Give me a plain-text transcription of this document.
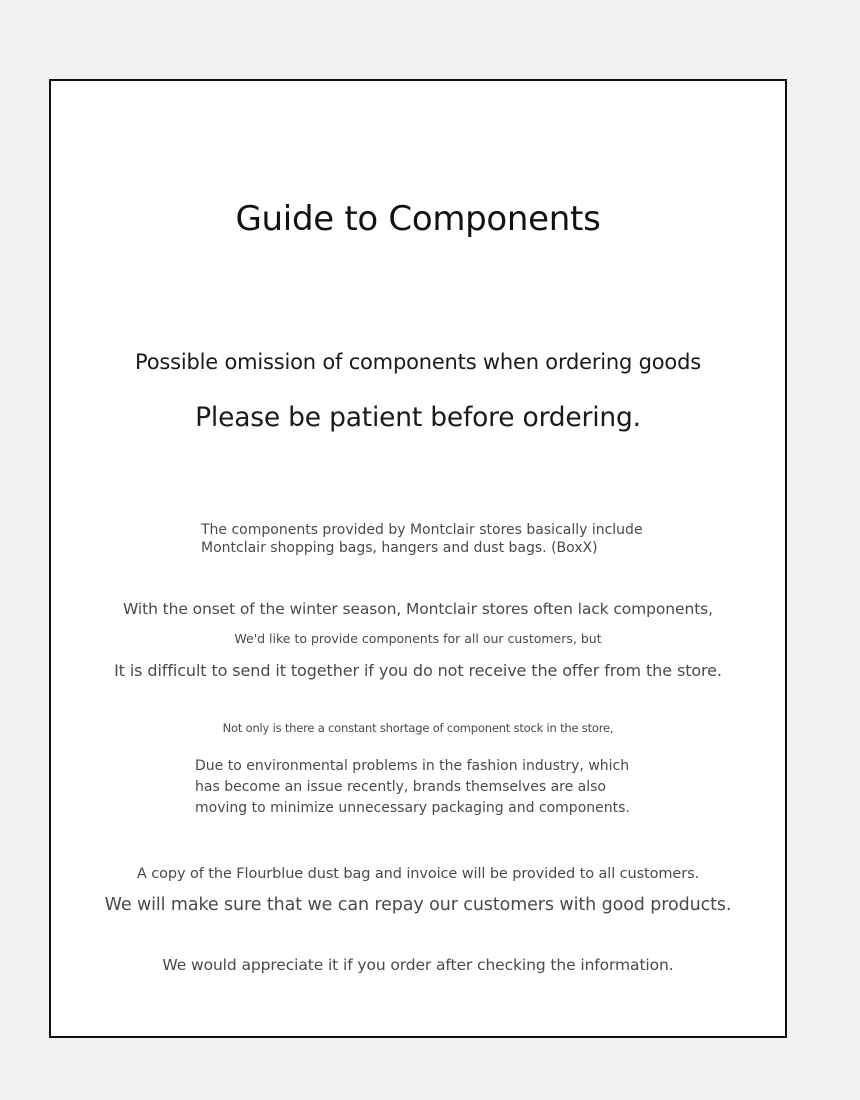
Guide to Components
Possible omission of components when ordering goods
Please be patient before ordering.
The components provided by Montclair stores basically include
Montclair shopping bags, hangers and dust bags. (BoxX)
With the onset of the winter season, Montclair stores often lack components,
We'd like to provide components for all our customers, but
It is difficult to send it together if you do not receive the offer from the store.
Not only is there a constant shortage of component stock in the store,
Due to environmental problems in the fashion industry, which
has become an issue recently, brands themselves are also
moving to minimize unnecessary packaging and components.
A copy of the Flourblue dust bag and invoice will be provided to all customers.
We will make sure that we can repay our customers with good products.
We would appreciate it if you order after checking the information.
